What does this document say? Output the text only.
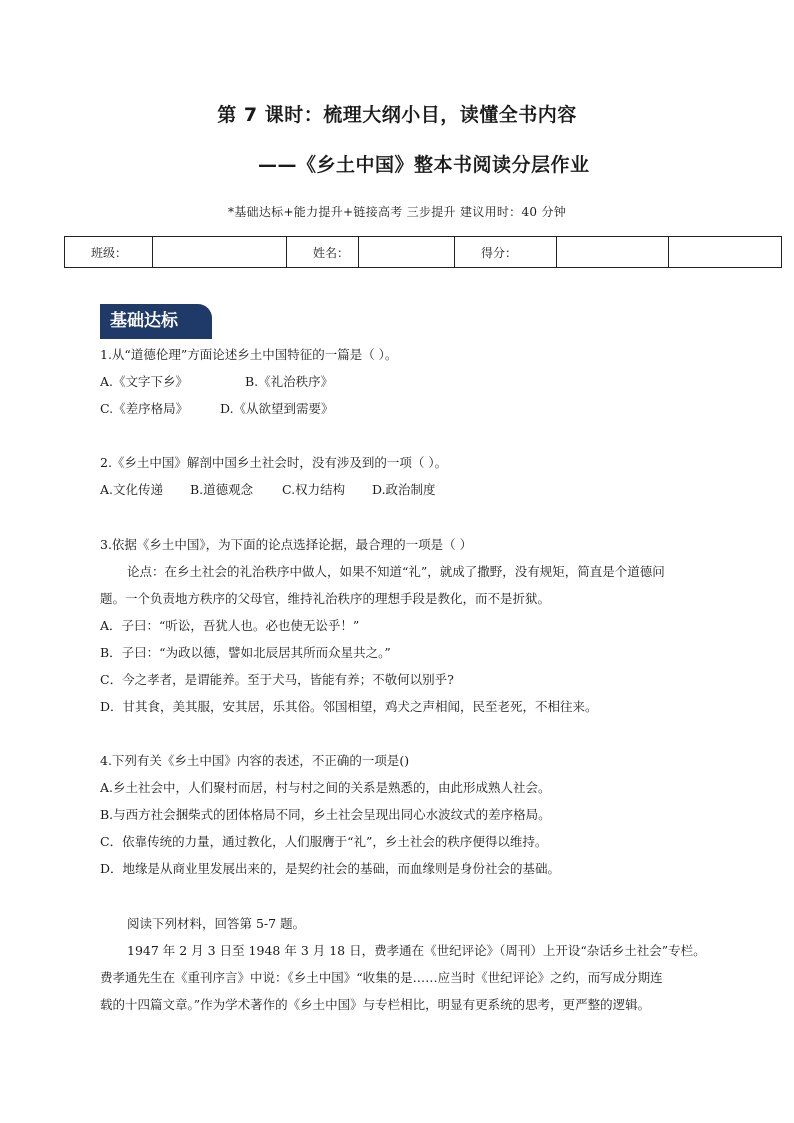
第 7 课时：梳理大纲小目，读懂全书内容
——《乡土中国》整本书阅读分层作业
*基础达标+能力提升+链接高考 三步提升 建议用时：40 分钟
班级：		姓名：		得分：		
基础达标
1.从“道德伦理”方面论述乡土中国特征的一篇是（ ）。
A.《文字下乡》	B.《礼治秩序》
C.《差序格局》	D.《从欲望到需要》
2.《乡土中国》解剖中国乡土社会时，没有涉及到的一项（ ）。
A.文化传递 B.道德观念 C.权力结构 D.政治制度
3.依据《乡土中国》，为下面的论点选择论据，最合理的一项是（ ）
论点：在乡土社会的礼治秩序中做人，如果不知道“礼”，就成了撒野，没有规矩，简直是个道德问
题。一个负责地方秩序的父母官，维持礼治秩序的理想手段是教化，而不是折狱。
A．子曰：“听讼，吾犹人也。必也使无讼乎！”
B．子曰：“为政以德，譬如北辰居其所而众星共之。”
C．今之孝者，是谓能养。至于犬马，皆能有养；不敬何以别乎?
D．甘其食，美其服，安其居，乐其俗。邻国相望，鸡犬之声相闻，民至老死，不相往来。
4.下列有关《乡土中国》内容的表述，不正确的一项是()
A.乡土社会中，人们聚村而居，村与村之间的关系是熟悉的，由此形成熟人社会。
B.与西方社会捆柴式的团体格局不同，乡土社会呈现出同心水波纹式的差序格局。
C．依靠传统的力量，通过教化，人们服膺于“礼”，乡土社会的秩序便得以维持。
D．地缘是从商业里发展出来的，是契约社会的基础，而血缘则是身份社会的基础。
阅读下列材料，回答第 5-7 题。
1947 年 2 月 3 日至 1948 年 3 月 18 日，费孝通在《世纪评论》（周刊）上开设“杂话乡土社会”专栏。
费孝通先生在《重刊序言》中说：《乡土中国》“收集的是……应当时《世纪评论》之约，而写成分期连
载的十四篇文章。”作为学术著作的《乡土中国》与专栏相比，明显有更系统的思考，更严整的逻辑。
